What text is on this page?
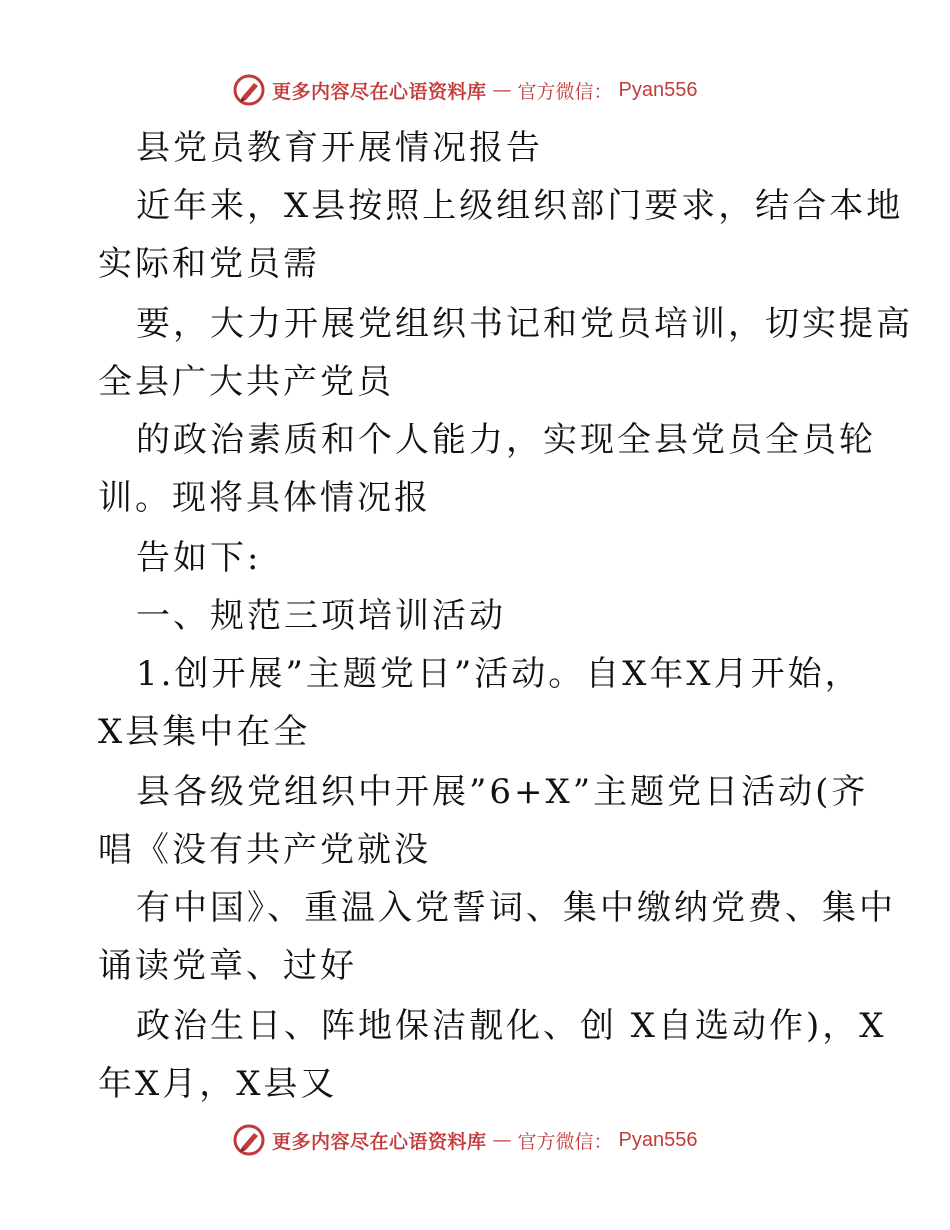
更多内容尽在心语资料库 — 官方微信： Pyan556
县党员教育开展情况报告
近年来，X县按照上级组织部门要求，结合本地
实际和党员需
要，大力开展党组织书记和党员培训，切实提高
全县广大共产党员
的政治素质和个人能力，实现全县党员全员轮
训。现将具体情况报
告如下:
一、规范三项培训活动
1.创开展”主题党日”活动。自X年X月开始，
X县集中在全
县各级党组织中开展”6+X”主题党日活动(齐
唱《没有共产党就没
有中国》、重温入党誓词、集中缴纳党费、集中
诵读党章、过好
政治生日、阵地保洁靓化、创 X自选动作)，X
年X月，X县又
更多内容尽在心语资料库 — 官方微信： Pyan556
